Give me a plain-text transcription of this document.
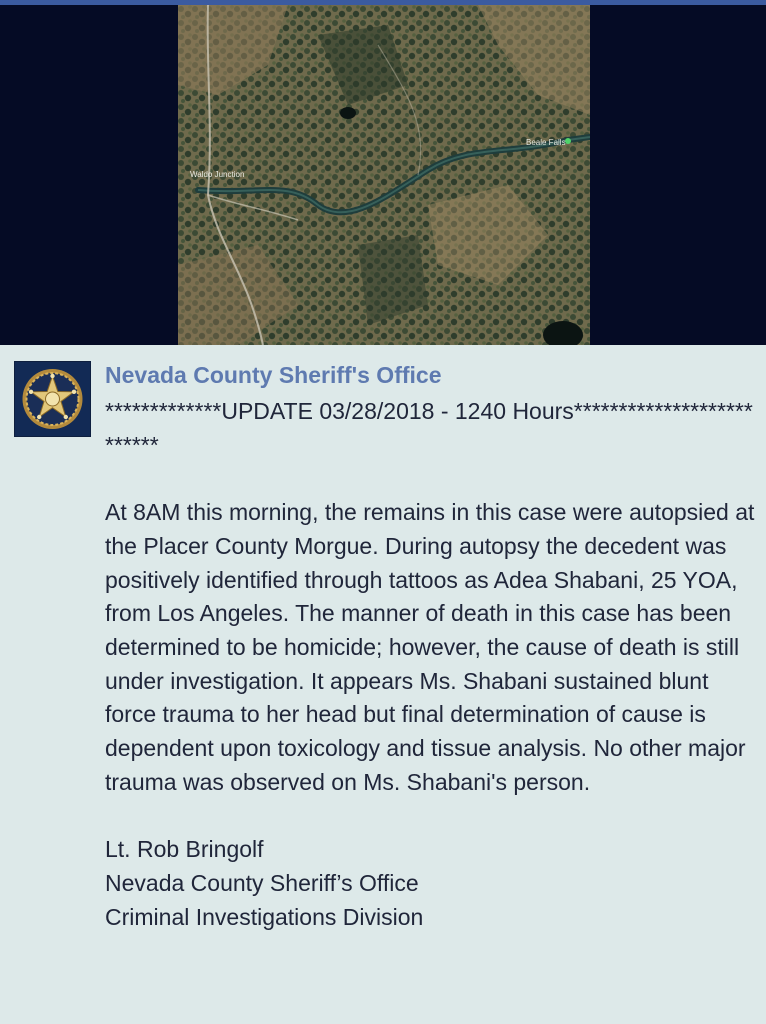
Waldo Junction
Beale Falls
Nevada County Sheriff's Office

*************UPDATE 03/28/2018 - 1240 Hours**************************

At 8AM this morning, the remains in this case were autopsied at the Placer County Morgue. During autopsy the decedent was positively identified through tattoos as Adea Shabani, 25 YOA, from Los Angeles. The manner of death in this case has been determined to be homicide; however, the cause of death is still under investigation. It appears Ms. Shabani sustained blunt force trauma to her head but final determination of cause is dependent upon toxicology and tissue analysis. No other major trauma was observed on Ms. Shabani's person.

Lt. Rob Bringolf

Nevada County Sheriff’s Office

Criminal Investigations Division
